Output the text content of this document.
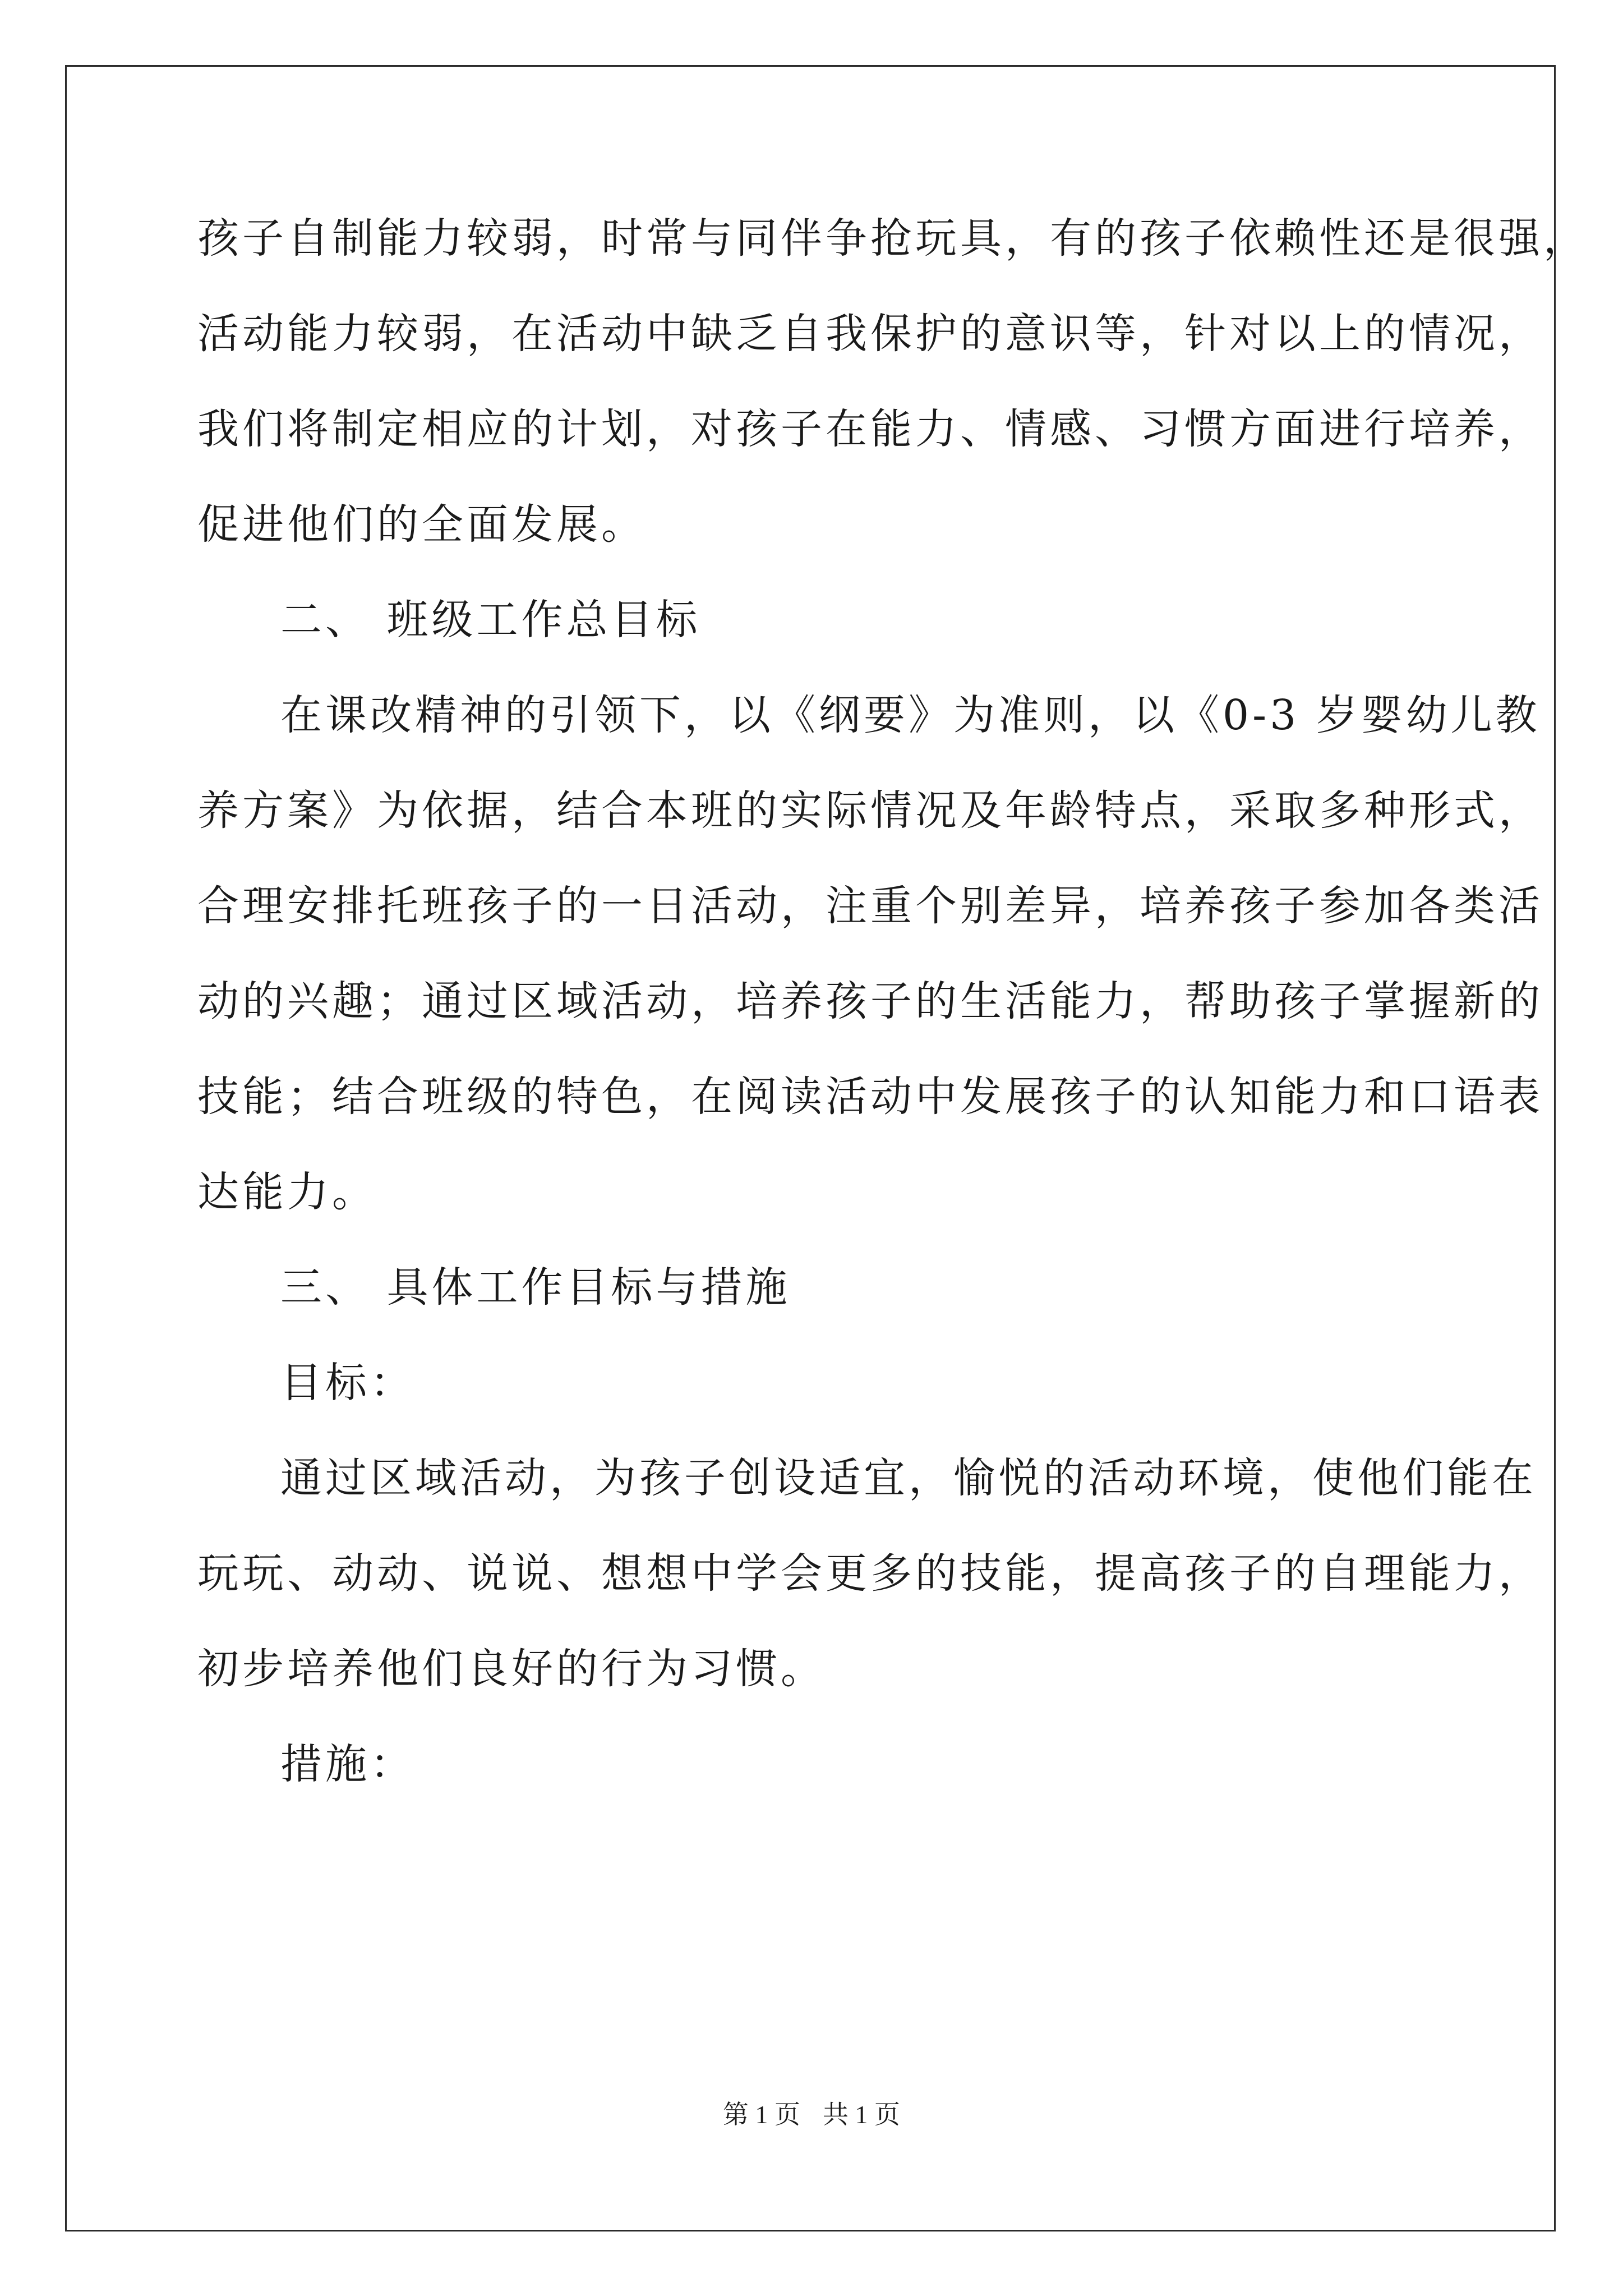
孩子自制能力较弱，时常与同伴争抢玩具，有的孩子依赖性还是很强，
活动能力较弱，在活动中缺乏自我保护的意识等，针对以上的情况，
我们将制定相应的计划，对孩子在能力、情感、习惯方面进行培养，
促进他们的全面发展。
二、 班级工作总目标
在课改精神的引领下，以《纲要》为准则，以《0-3 岁婴幼儿教
养方案》为依据，结合本班的实际情况及年龄特点，采取多种形式，
合理安排托班孩子的一日活动，注重个别差异，培养孩子参加各类活
动的兴趣；通过区域活动，培养孩子的生活能力，帮助孩子掌握新的
技能；结合班级的特色，在阅读活动中发展孩子的认知能力和口语表
达能力。
三、 具体工作目标与措施
目标：
通过区域活动，为孩子创设适宜，愉悦的活动环境，使他们能在
玩玩、动动、说说、想想中学会更多的技能，提高孩子的自理能力，
初步培养他们良好的行为习惯。
措施：
第 1 页 共 1 页
